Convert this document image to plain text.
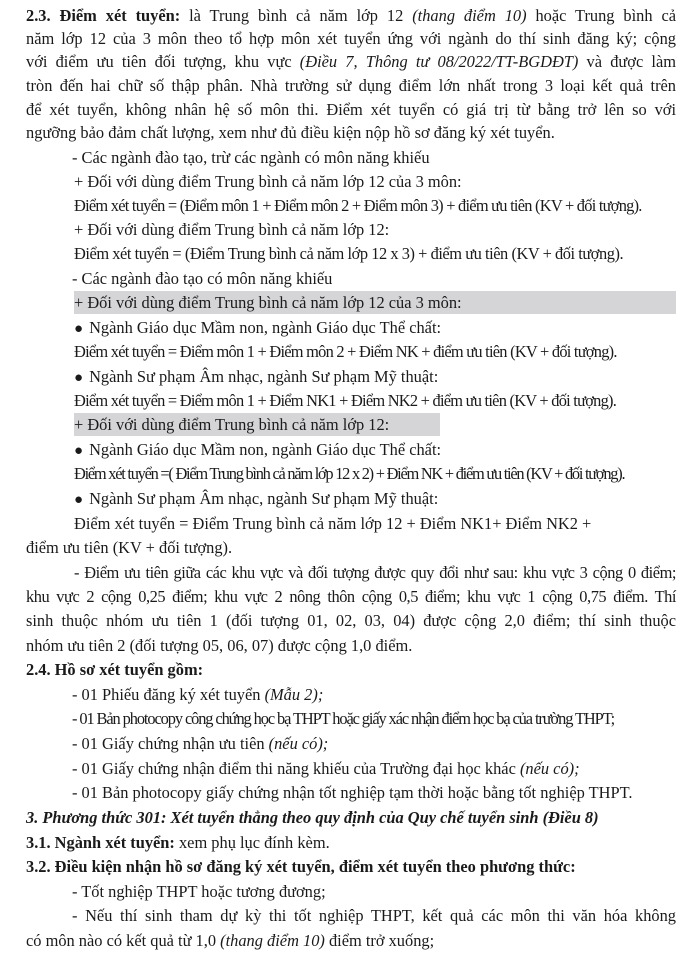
2.3. Điểm xét tuyển: là Trung bình cả năm lớp 12 (thang điểm 10) hoặc Trung bình cả
năm lớp 12 của 3 môn theo tổ hợp môn xét tuyển ứng với ngành do thí sinh đăng ký; cộng
với điểm ưu tiên đối tượng, khu vực (Điều 7, Thông tư 08/2022/TT-BGDĐT) và được làm
tròn đến hai chữ số thập phân. Nhà trường sử dụng điểm lớn nhất trong 3 loại kết quả trên
để xét tuyển, không nhân hệ số môn thi. Điểm xét tuyển có giá trị từ bằng trở lên so với
ngưỡng bảo đảm chất lượng, xem như đủ điều kiện nộp hồ sơ đăng ký xét tuyển.
- Các ngành đào tạo, trừ các ngành có môn năng khiếu
+ Đối với dùng điểm Trung bình cả năm lớp 12 của 3 môn:
Điểm xét tuyển = (Điểm môn 1 + Điểm môn 2 + Điểm môn 3) + điểm ưu tiên (KV + đối tượng).
+ Đối với dùng điểm Trung bình cả năm lớp 12:
Điểm xét tuyển = (Điểm Trung bình cả năm lớp 12 x 3) + điểm ưu tiên (KV + đối tượng).
- Các ngành đào tạo có môn năng khiếu
+ Đối với dùng điểm Trung bình cả năm lớp 12 của 3 môn:
● Ngành Giáo dục Mầm non, ngành Giáo dục Thể chất:
Điểm xét tuyển = Điểm môn 1 + Điểm môn 2 + Điểm NK + điểm ưu tiên (KV + đối tượng).
● Ngành Sư phạm Âm nhạc, ngành Sư phạm Mỹ thuật:
Điểm xét tuyển = Điểm môn 1 + Điểm NK1 + Điểm NK2 + điểm ưu tiên (KV + đối tượng).
+ Đối với dùng điểm Trung bình cả năm lớp 12:
● Ngành Giáo dục Mầm non, ngành Giáo dục Thể chất:
Điểm xét tuyển =( Điểm Trung bình cả năm lớp 12 x 2) + Điểm NK + điểm ưu tiên (KV + đối tượng).
● Ngành Sư phạm Âm nhạc, ngành Sư phạm Mỹ thuật:
Điểm xét tuyển = Điểm Trung bình cả năm lớp 12 + Điểm NK1+ Điểm NK2 +
điểm ưu tiên (KV + đối tượng).
- Điểm ưu tiên giữa các khu vực và đối tượng được quy đổi như sau: khu vực 3 cộng 0 điểm;
khu vực 2 cộng 0,25 điểm; khu vực 2 nông thôn cộng 0,5 điểm; khu vực 1 cộng 0,75 điểm. Thí
sinh thuộc nhóm ưu tiên 1 (đối tượng 01, 02, 03, 04) được cộng 2,0 điểm; thí sinh thuộc
nhóm ưu tiên 2 (đối tượng 05, 06, 07) được cộng 1,0 điểm.
2.4. Hồ sơ xét tuyển gồm:
- 01 Phiếu đăng ký xét tuyển (Mẫu 2);
- 01 Bản photocopy công chứng học bạ THPT hoặc giấy xác nhận điểm học bạ của trường THPT;
- 01 Giấy chứng nhận ưu tiên (nếu có);
- 01 Giấy chứng nhận điểm thi năng khiếu của Trường đại học khác (nếu có);
- 01 Bản photocopy giấy chứng nhận tốt nghiệp tạm thời hoặc bằng tốt nghiệp THPT.
3. Phương thức 301: Xét tuyển thẳng theo quy định của Quy chế tuyển sinh (Điều 8)
3.1. Ngành xét tuyển: xem phụ lục đính kèm.
3.2. Điều kiện nhận hồ sơ đăng ký xét tuyển, điểm xét tuyển theo phương thức:
- Tốt nghiệp THPT hoặc tương đương;
- Nếu thí sinh tham dự kỳ thi tốt nghiệp THPT, kết quả các môn thi văn hóa không
có môn nào có kết quả từ 1,0 (thang điểm 10) điểm trở xuống;
